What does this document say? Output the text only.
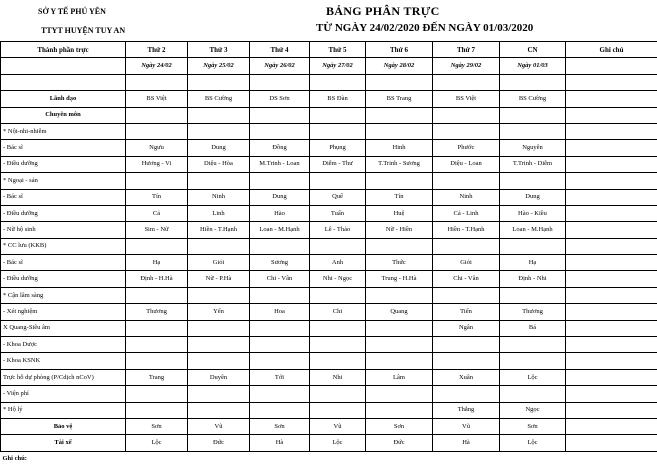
SỞ Y TẾ PHÚ YÊN
TTYT HUYỆN TUY AN
BẢNG PHÂN TRỰC
TỪ NGÀY 24/02/2020 ĐẾN NGÀY 01/03/2020
Thành phần trực	Thứ 2	Thứ 3	Thứ 4	Thứ 5	Thứ 6	Thứ 7	CN	Ghi chú
	Ngày 24/02	Ngày 25/02	Ngày 26/02	Ngày 27/02	Ngày 28/02	Ngày 29/02	Ngày 01/03	

Lãnh đạo	BS Việt	BS Cường	DS Sơn	BS Đàn	BS Trang	BS Việt	BS Cường	
Chuyên môn								
* Nội-nhi-nhiễm								
- Bác sĩ	Ngưu	Dung	Đồng	Phụng	Hinh	Phước	Nguyên	
- Điều dưỡng	Hương - Vi	Diệu - Hòa	M.Trinh - Loan	Diễm - Thư	T.Trinh - Sương	Diệu - Loan	T.Trinh - Diễm	
* Ngoại - sản								
- Bác sĩ	Tín	Ninh	Dung	Quế	Tín	Ninh	Dung	
- Điều dưỡng	Cả	Linh	Hào	Tuấn	Huệ	Cả - Linh	Hào - Kiều	
- Nữ hộ sinh	Sim - Nữ	Hiền - T.Hạnh	Loan - M.Hạnh	Lê - Thảo	Nữ - Hiền	Hiền - T.Hạnh	Loan - M.Hạnh	
* CC lưu (KKB)								
- Bác sĩ	Hạ	Giỏi	Sương	Anh	Thức	Giỏi	Hạ	
- Điều dưỡng	Định - H.Hà	Nữ - P.Hà	Chi - Vân	Nhi - Ngọc	Trung - H.Hà	Chi - Vân	Định - Nhi	
* Cận lâm sàng								
- Xét nghiệm	Thương	Yến	Hoa	Chi	Quang	Tiến	Thương	
X Quang-Siêu âm						Ngân	Bá	
- Khoa Dược								
- Khoa KSNK								
Trực hỗ dự phòng (P/Cdịch nCoV)	Trang	Duyên	Tới	Nhi	Lâm	Xuân	Lộc	
- Viện phí								
* Hộ lý						Thắng	Ngọc	
Bảo vệ	Sơn	Vũ	Sơn	Vũ	Sơn	Vũ	Sơn	
Tài xế	Lộc	Đức	Hà	Lộc	Đức	Hà	Lộc	
Ghi chú:								
